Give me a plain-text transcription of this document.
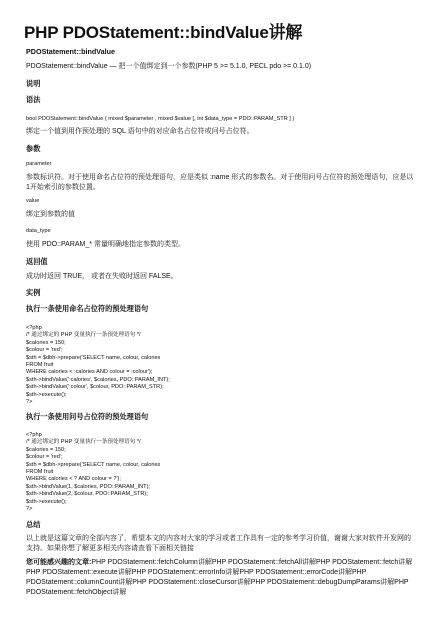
PHP PDOStatement::bindValue讲解
PDOStatement::bindValue
PDOStatement::bindValue — 把一个值绑定到一个参数(PHP 5 >= 5.1.0, PECL pdo >= 0.1.0)
说明
语法
bool PDOStatement::bindValue ( mixed $parameter , mixed $value [, int $data_type = PDO::PARAM_STR ] )
绑定一个值到用作预处理的 SQL 语句中的对应命名占位符或问号占位符。
参数
parameter
参数标识符。对于使用命名占位符的预处理语句，应是类似 :name 形式的参数名。对于使用问号占位符的预处理语句，应是以1开始索引的参数位置。
value
绑定到参数的值
data_type
使用 PDO::PARAM_* 常量明确地指定参数的类型。
返回值
成功时返回 TRUE， 或者在失败时返回 FALSE。
实例
执行一条使用命名占位符的预处理语句
<?php
/* 通过绑定的 PHP 变量执行一条预处理语句 */
$calories = 150;
$colour = 'red';
$sth = $dbh->prepare('SELECT name, colour, calories
FROM fruit
WHERE calories < :calories AND colour = :colour');
$sth->bindValue(':calories', $calories, PDO::PARAM_INT);
$sth->bindValue(':colour', $colour, PDO::PARAM_STR);
$sth->execute();
?>
执行一条使用问号占位符的预处理语句
<?php
/* 通过绑定的 PHP 变量执行一条预处理语句 */
$calories = 150;
$colour = 'red';
$sth = $dbh->prepare('SELECT name, colour, calories
FROM fruit
WHERE calories < ? AND colour = ?');
$sth->bindValue(1, $calories, PDO::PARAM_INT);
$sth->bindValue(2, $colour, PDO::PARAM_STR);
$sth->execute();
?>
总结
以上就是这篇文章的全部内容了，希望本文的内容对大家的学习或者工作具有一定的参考学习价值，谢谢大家对软件开发网的支持。如果你想了解更多相关内容请查看下面相关链接
您可能感兴趣的文章:PHP PDOStatement::fetchColumn讲解PHP PDOStatement::fetchAll讲解PHP PDOStatement::fetch讲解PHP PDOStatement::execute讲解PHP PDOStatement::errorInfo讲解PHP PDOStatement::errorCode讲解PHP PDOStatement::columnCount讲解PHP PDOStatement::closeCursor讲解PHP PDOStatement::debugDumpParams讲解PHP PDOStatement::fetchObject讲解
